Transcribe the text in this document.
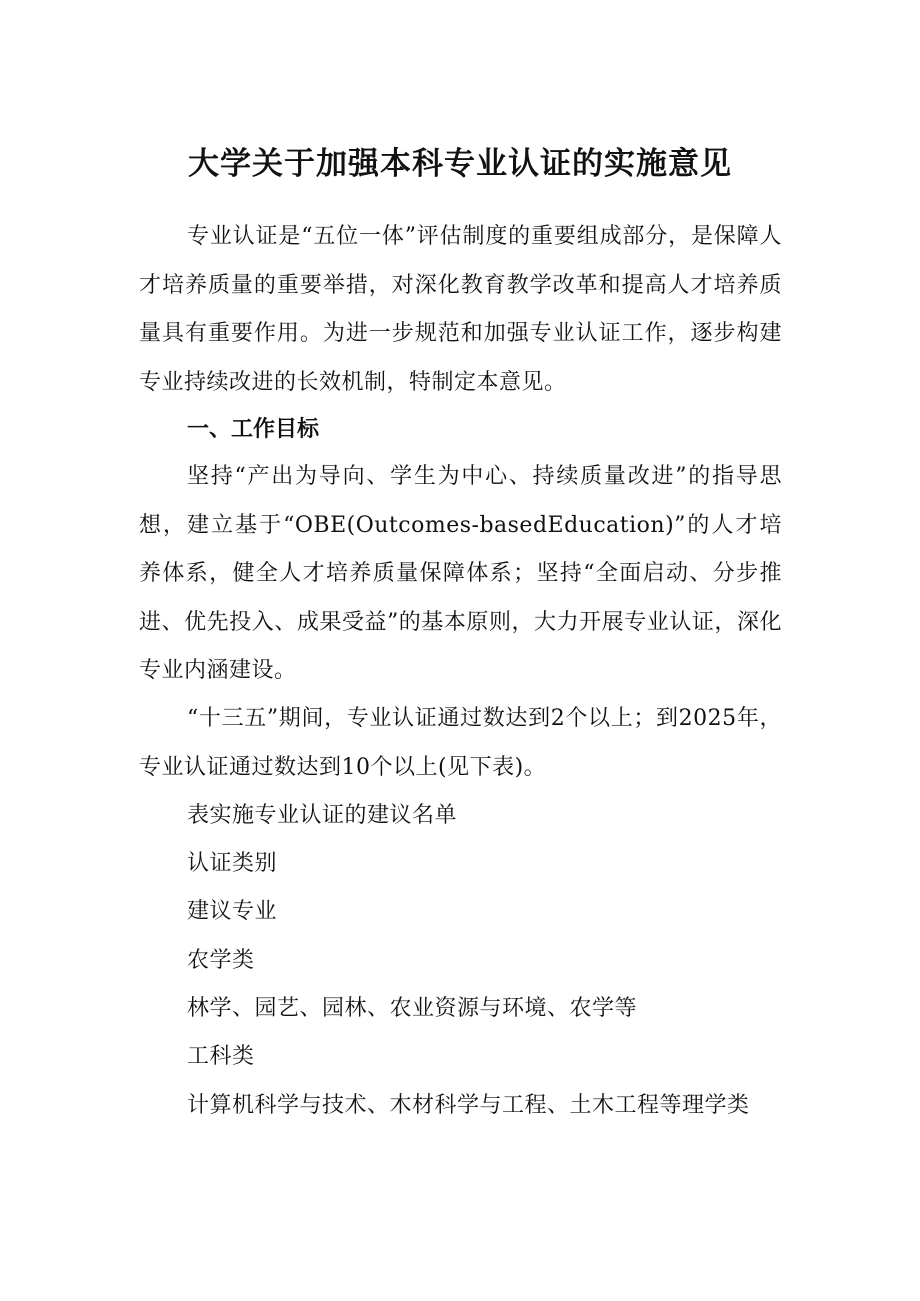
大学关于加强本科专业认证的实施意见

专业认证是“五位一体”评估制度的重要组成部分，是保障人才培养质量的重要举措，对深化教育教学改革和提高人才培养质量具有重要作用。为进一步规范和加强专业认证工作，逐步构建专业持续改进的长效机制，特制定本意见。

一、工作目标

坚持“产出为导向、学生为中心、持续质量改进”的指导思想，建立基于“OBE(Outcomes-basedEducation)”的人才培养体系，健全人才培养质量保障体系；坚持“全面启动、分步推进、优先投入、成果受益”的基本原则，大力开展专业认证，深化专业内涵建设。

“十三五”期间，专业认证通过数达到2个以上；到2025年，专业认证通过数达到10个以上(见下表)。

表实施专业认证的建议名单

认证类别

建议专业

农学类

林学、园艺、园林、农业资源与环境、农学等

工科类

计算机科学与技术、木材科学与工程、土木工程等理学类
